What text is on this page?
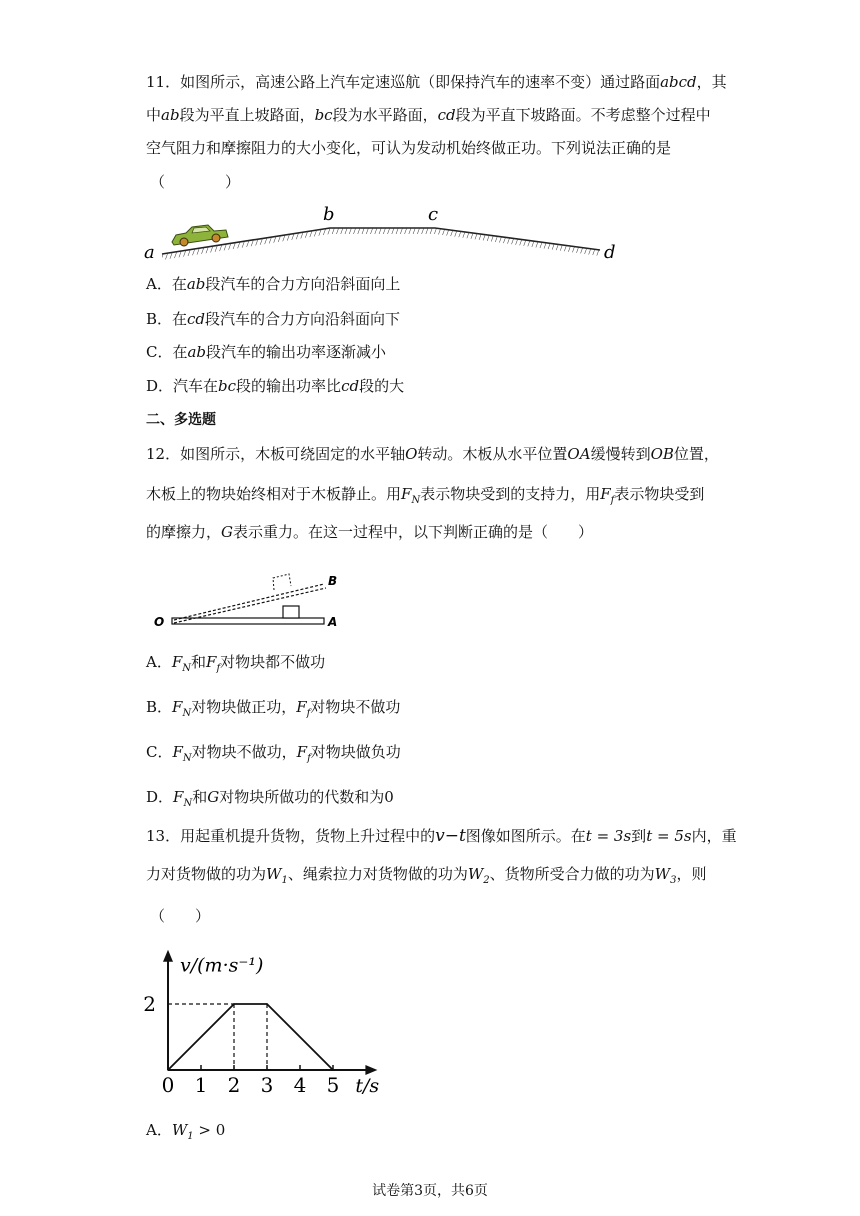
11．如图所示，高速公路上汽车定速巡航（即保持汽车的速率不变）通过路面abcd，其
中ab段为平直上坡路面，bc段为水平路面，cd段为平直下坡路面。不考虑整个过程中
空气阻力和摩擦阻力的大小变化，可认为发动机始终做正功。下列说法正确的是
（　　　　）
a
b	c
d
A．在ab段汽车的合力方向沿斜面向上
B．在cd段汽车的合力方向沿斜面向下
C．在ab段汽车的输出功率逐渐减小
D．汽车在bc段的输出功率比cd段的大
二、多选题
12．如图所示，木板可绕固定的水平轴O转动。木板从水平位置OA缓慢转到OB位置，
木板上的物块始终相对于木板静止。用$F_N$表示物块受到的支持力，用$F_f$表示物块受到
的摩擦力，G表示重力。在这一过程中，以下判断正确的是（　　）
O	A
B
A．$F_N$和$F_f$对物块都不做功
B．$F_N$对物块做正功，$F_f$对物块不做功
C．$F_N$对物块不做功，$F_f$对物块做负功
D．$F_N$和G对物块所做功的代数和为0
13．用起重机提升货物，货物上升过程中的v−t图像如图所示。在t = 3s到t = 5s内，重
力对货物做的功为$W_1$、绳索拉力对货物做的功为$W_2$、货物所受合力做的功为$W_3$，则
（　　）
0 1 2 3 4 5
2
v/(m·s⁻¹)
t/s
A．$W_1 > 0$
试卷第3页，共6页
